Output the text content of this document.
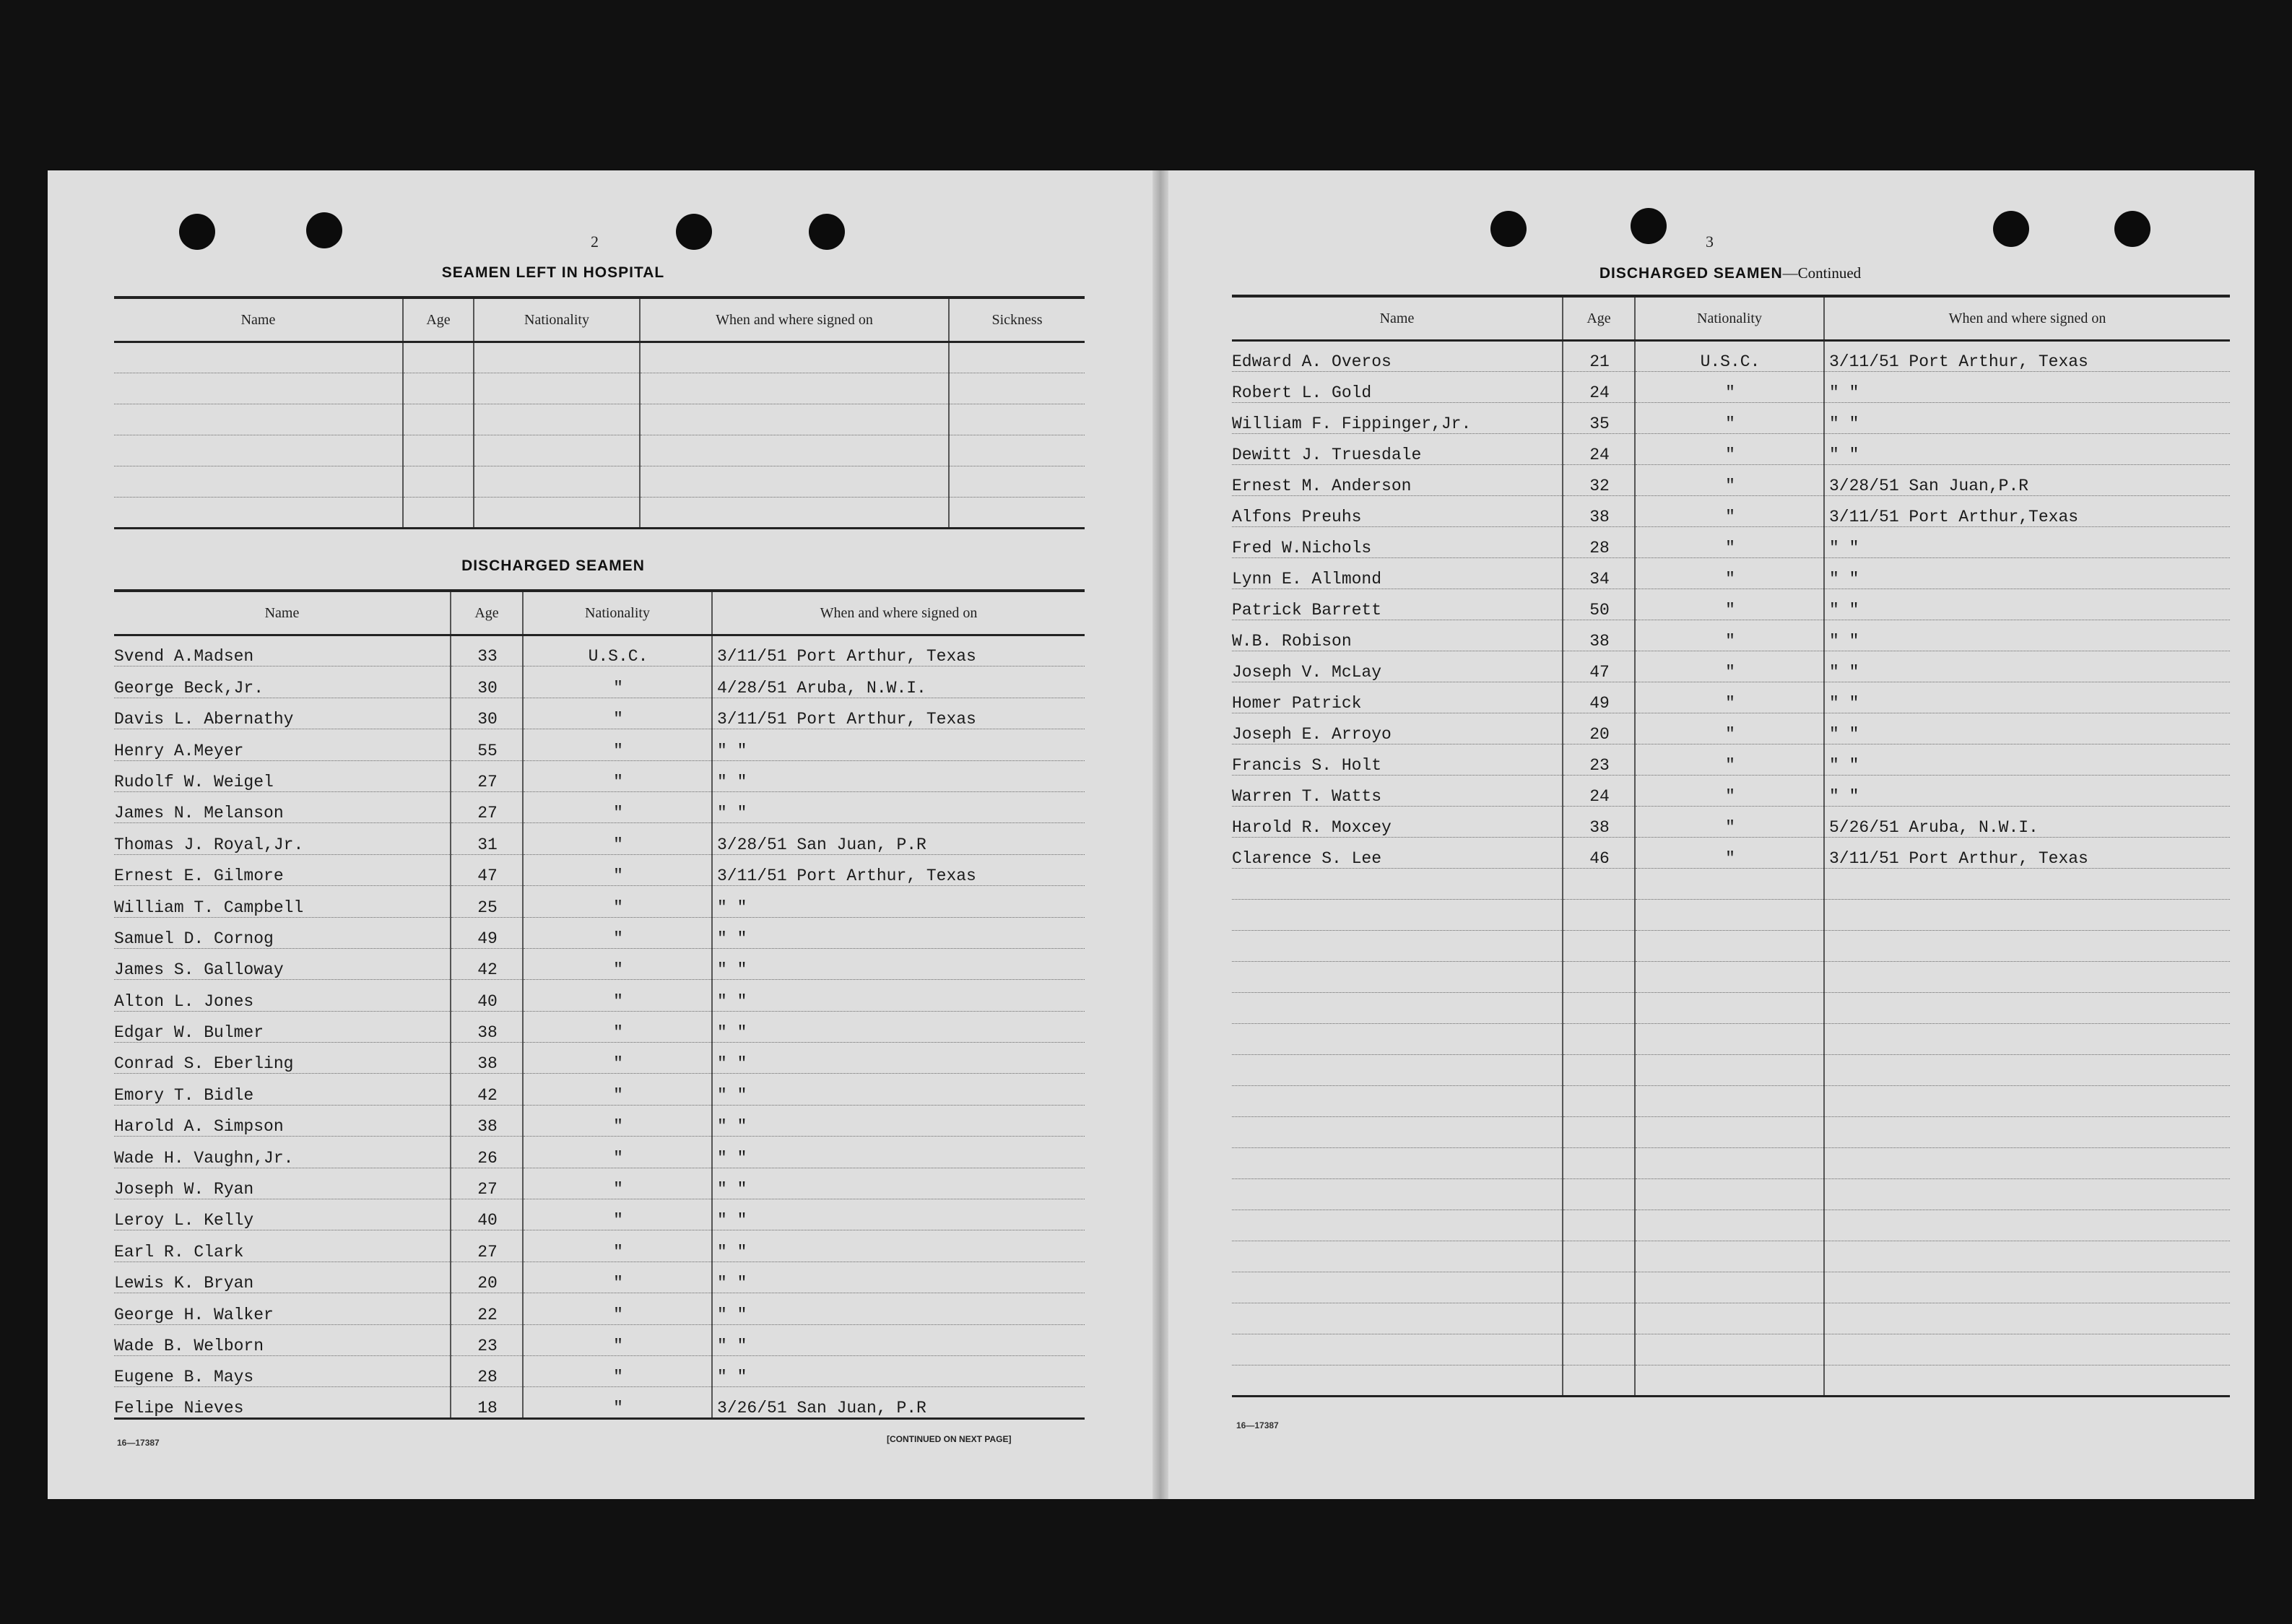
2
SEAMEN LEFT IN HOSPITAL
Name	Age	Nationality	When and where signed on	Sickness

DISCHARGED SEAMEN
Name	Age	Nationality	When and where signed on
Svend A.Madsen	33	U.S.C.	3/11/51 Port Arthur, Texas
George Beck,Jr.	30	"	4/28/51 Aruba, N.W.I.
Davis L. Abernathy	30	"	3/11/51 Port Arthur, Texas
Henry A.Meyer	55	"	" "
Rudolf W. Weigel	27	"	" "
James N. Melanson	27	"	" "
Thomas J. Royal,Jr.	31	"	3/28/51 San Juan, P.R
Ernest E. Gilmore	47	"	3/11/51 Port Arthur, Texas
William T. Campbell	25	"	" "
Samuel D. Cornog	49	"	" "
James S. Galloway	42	"	" "
Alton L. Jones	40	"	" "
Edgar W. Bulmer	38	"	" "
Conrad S. Eberling	38	"	" "
Emory T. Bidle	42	"	" "
Harold A. Simpson	38	"	" "
Wade H. Vaughn,Jr.	26	"	" "
Joseph W. Ryan	27	"	" "
Leroy L. Kelly	40	"	" "
Earl R. Clark	27	"	" "
Lewis K. Bryan	20	"	" "
George H. Walker	22	"	" "
Wade B. Welborn	23	"	" "
Eugene B. Mays	28	"	" "
Felipe Nieves	18	"	3/26/51 San Juan, P.R
16—17387	[CONTINUED ON NEXT PAGE]
3
DISCHARGED SEAMEN—Continued
Name	Age	Nationality	When and where signed on
Edward A. Overos	21	U.S.C.	3/11/51 Port Arthur, Texas
Robert L. Gold	24	"	" "
William F. Fippinger,Jr.	35	"	" "
Dewitt J. Truesdale	24	"	" "
Ernest M. Anderson	32	"	3/28/51 San Juan,P.R
Alfons Preuhs	38	"	3/11/51 Port Arthur,Texas
Fred W.Nichols	28	"	" "
Lynn E. Allmond	34	"	" "
Patrick Barrett	50	"	" "
W.B. Robison	38	"	" "
Joseph V. McLay	47	"	" "
Homer Patrick	49	"	" "
Joseph E. Arroyo	20	"	" "
Francis S. Holt	23	"	" "
Warren T. Watts	24	"	" "
Harold R. Moxcey	38	"	5/26/51 Aruba, N.W.I.
Clarence S. Lee	46	"	3/11/51 Port Arthur, Texas

16—17387
